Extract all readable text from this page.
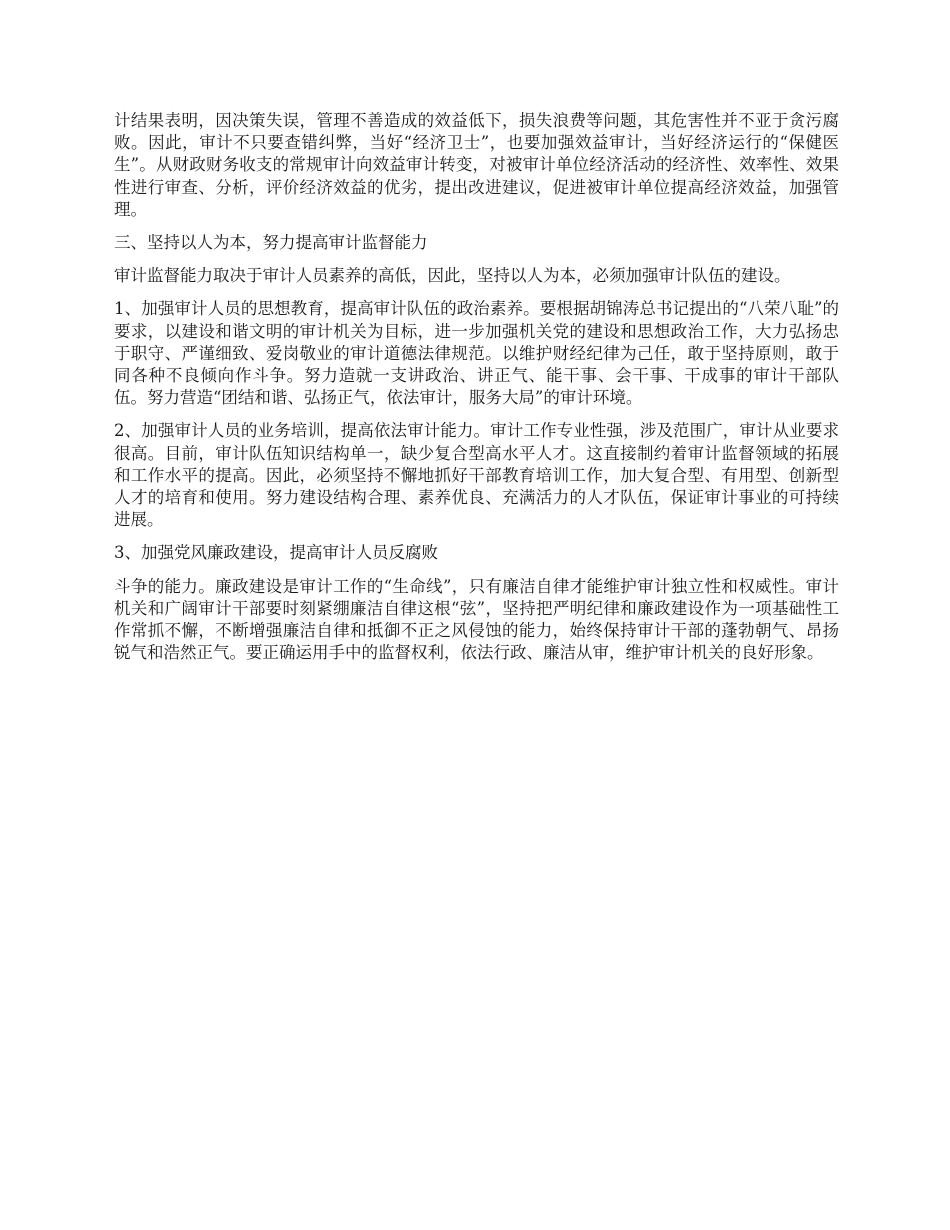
计结果表明，因决策失误，管理不善造成的效益低下，损失浪费等问题，其危害性并不亚于贪污腐败。因此，审计不只要查错纠弊，当好“经济卫士”，也要加强效益审计，当好经济运行的“保健医生”。从财政财务收支的常规审计向效益审计转变，对被审计单位经济活动的经济性、效率性、效果性进行审查、分析，评价经济效益的优劣，提出改进建议，促进被审计单位提高经济效益，加强管理。

三、坚持以人为本，努力提高审计监督能力

审计监督能力取决于审计人员素养的高低，因此，坚持以人为本，必须加强审计队伍的建设。

1、加强审计人员的思想教育，提高审计队伍的政治素养。要根据胡锦涛总书记提出的“八荣八耻”的要求，以建设和谐文明的审计机关为目标，进一步加强机关党的建设和思想政治工作，大力弘扬忠于职守、严谨细致、爱岗敬业的审计道德法律规范。以维护财经纪律为己任，敢于坚持原则，敢于同各种不良倾向作斗争。努力造就一支讲政治、讲正气、能干事、会干事、干成事的审计干部队伍。努力营造“团结和谐、弘扬正气，依法审计，服务大局”的审计环境。

2、加强审计人员的业务培训，提高依法审计能力。审计工作专业性强，涉及范围广，审计从业要求很高。目前，审计队伍知识结构单一，缺少复合型高水平人才。这直接制约着审计监督领域的拓展和工作水平的提高。因此，必须坚持不懈地抓好干部教育培训工作，加大复合型、有用型、创新型人才的培育和使用。努力建设结构合理、素养优良、充满活力的人才队伍，保证审计事业的可持续进展。

3、加强党风廉政建设，提高审计人员反腐败

斗争的能力。廉政建设是审计工作的“生命线”，只有廉洁自律才能维护审计独立性和权威性。审计机关和广阔审计干部要时刻紧绷廉洁自律这根“弦”，坚持把严明纪律和廉政建设作为一项基础性工作常抓不懈，不断增强廉洁自律和抵御不正之风侵蚀的能力，始终保持审计干部的蓬勃朝气、昂扬锐气和浩然正气。要正确运用手中的监督权利，依法行政、廉洁从审，维护审计机关的良好形象。
